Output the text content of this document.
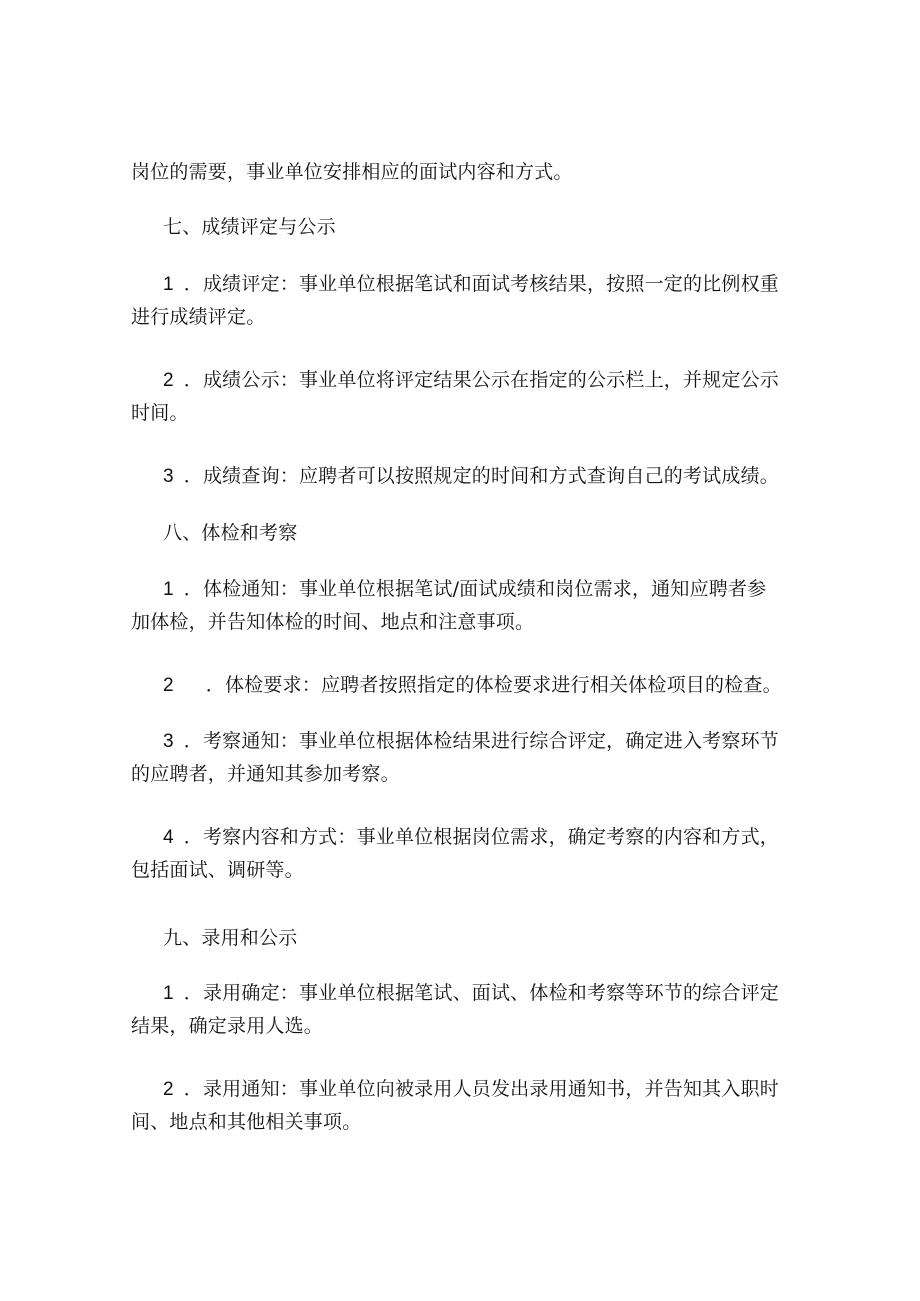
岗位的需要，事业单位安排相应的面试内容和方式。

七、成绩评定与公示

1 ．成绩评定：事业单位根据笔试和面试考核结果，按照一定的比例权重
进行成绩评定。

2 ．成绩公示：事业单位将评定结果公示在指定的公示栏上，并规定公示
时间。

3 ．成绩查询：应聘者可以按照规定的时间和方式查询自己的考试成绩。

八、体检和考察

1 ．体检通知：事业单位根据笔试/面试成绩和岗位需求，通知应聘者参
加体检，并告知体检的时间、地点和注意事项。

2 ．体检要求：应聘者按照指定的体检要求进行相关体检项目的检查。

3 ．考察通知：事业单位根据体检结果进行综合评定，确定进入考察环节
的应聘者，并通知其参加考察。

4 ．考察内容和方式：事业单位根据岗位需求，确定考察的内容和方式，
包括面试、调研等。

九、录用和公示

1 ．录用确定：事业单位根据笔试、面试、体检和考察等环节的综合评定
结果，确定录用人选。

2 ．录用通知：事业单位向被录用人员发出录用通知书，并告知其入职时
间、地点和其他相关事项。
